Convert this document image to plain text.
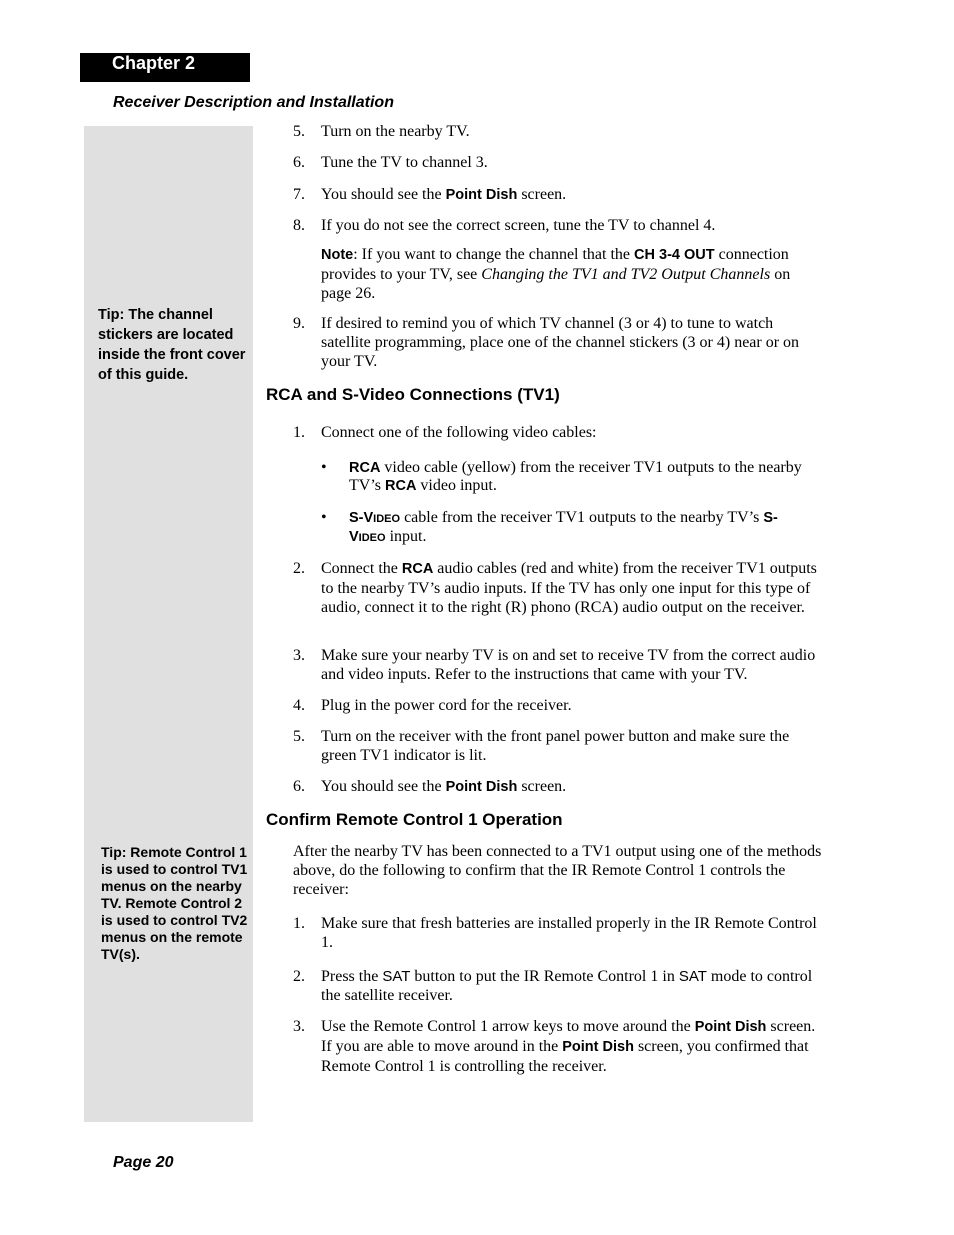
Chapter 2
Receiver Description and Installation
Tip: The channel stickers are located inside the front cover of this guide.
Tip: Remote Control 1 is used to control TV1 menus on the nearby TV. Remote Control 2 is used to control TV2 menus on the remote TV(s).
5. Turn on the nearby TV.
6. Tune the TV to channel 3.
7. You should see the Point Dish screen.
8. If you do not see the correct screen, tune the TV to channel 4.
Note: If you want to change the channel that the CH 3-4 OUT connection provides to your TV, see Changing the TV1 and TV2 Output Channels on page 26.
9. If desired to remind you of which TV channel (3 or 4) to tune to watch satellite programming, place one of the channel stickers (3 or 4) near or on your TV.
RCA and S-Video Connections (TV1)
1. Connect one of the following video cables:
• RCA video cable (yellow) from the receiver TV1 outputs to the nearby TV’s RCA video input.
• S-VIDEO cable from the receiver TV1 outputs to the nearby TV’s S-
VIDEO input.
2. Connect the RCA audio cables (red and white) from the receiver TV1 outputs to the nearby TV’s audio inputs. If the TV has only one input for this type of audio, connect it to the right (R) phono (RCA) audio output on the receiver.
3. Make sure your nearby TV is on and set to receive TV from the correct audio and video inputs. Refer to the instructions that came with your TV.
4. Plug in the power cord for the receiver.
5. Turn on the receiver with the front panel power button and make sure the green TV1 indicator is lit.
6. You should see the Point Dish screen.
Confirm Remote Control 1 Operation
After the nearby TV has been connected to a TV1 output using one of the methods above, do the following to confirm that the IR Remote Control 1 controls the receiver:
1. Make sure that fresh batteries are installed properly in the IR Remote Control 1.
2. Press the SAT button to put the IR Remote Control 1 in SAT mode to control the satellite receiver.
3. Use the Remote Control 1 arrow keys to move around the Point Dish screen. If you are able to move around in the Point Dish screen, you confirmed that Remote Control 1 is controlling the receiver.
Page 20
